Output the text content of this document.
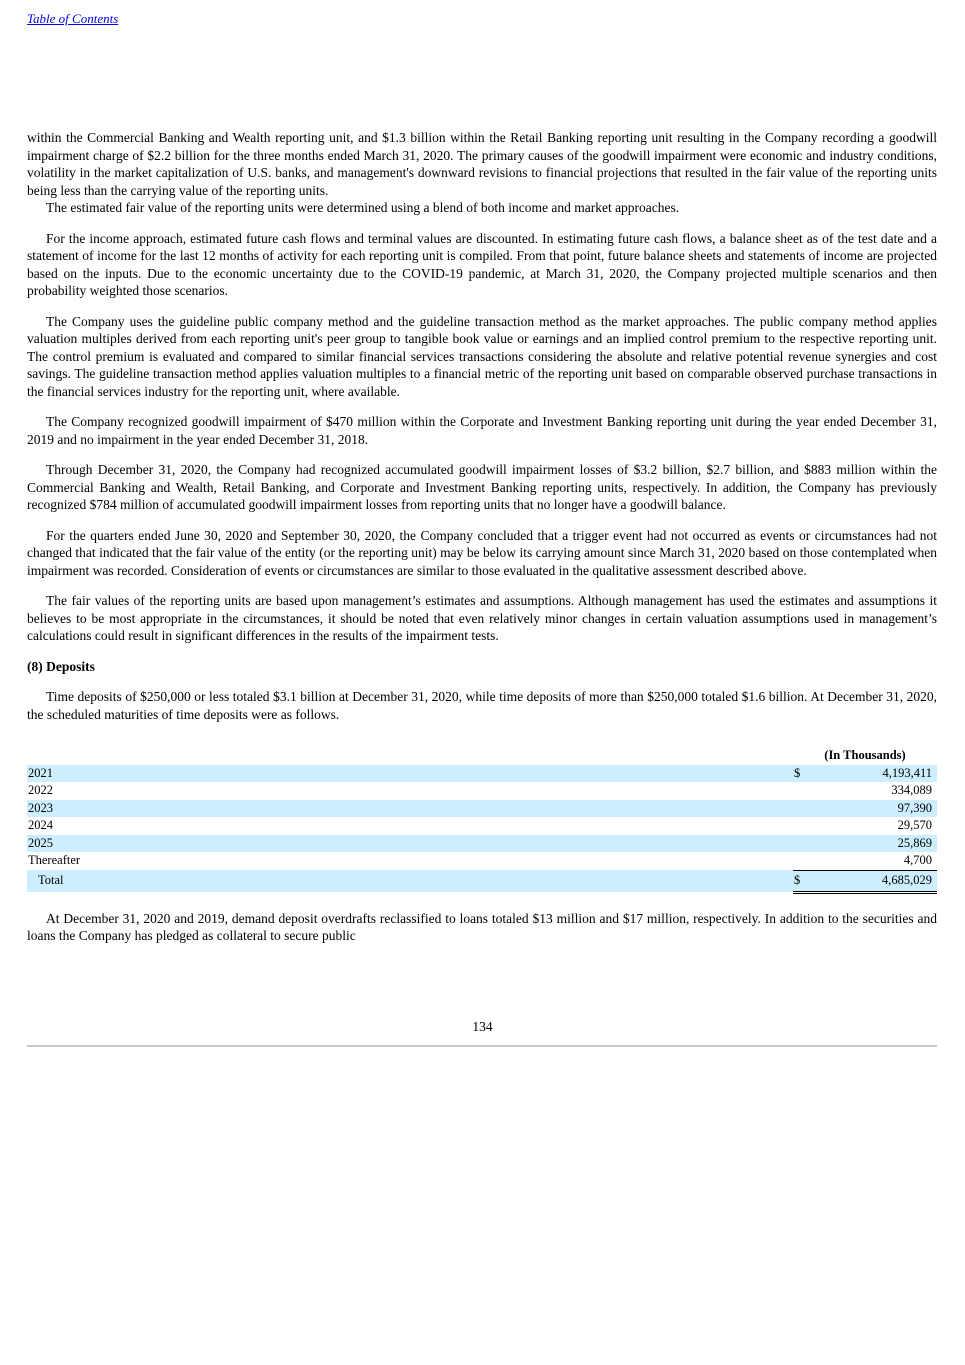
Table of Contents

within the Commercial Banking and Wealth reporting unit, and $1.3 billion within the Retail Banking reporting unit resulting in the Company recording a goodwill impairment charge of $2.2 billion for the three months ended March 31, 2020. The primary causes of the goodwill impairment were economic and industry conditions, volatility in the market capitalization of U.S. banks, and management's downward revisions to financial projections that resulted in the fair value of the reporting units being less than the carrying value of the reporting units.

The estimated fair value of the reporting units were determined using a blend of both income and market approaches.

For the income approach, estimated future cash flows and terminal values are discounted. In estimating future cash flows, a balance sheet as of the test date and a statement of income for the last 12 months of activity for each reporting unit is compiled. From that point, future balance sheets and statements of income are projected based on the inputs. Due to the economic uncertainty due to the COVID-19 pandemic, at March 31, 2020, the Company projected multiple scenarios and then probability weighted those scenarios.

The Company uses the guideline public company method and the guideline transaction method as the market approaches. The public company method applies valuation multiples derived from each reporting unit's peer group to tangible book value or earnings and an implied control premium to the respective reporting unit. The control premium is evaluated and compared to similar financial services transactions considering the absolute and relative potential revenue synergies and cost savings. The guideline transaction method applies valuation multiples to a financial metric of the reporting unit based on comparable observed purchase transactions in the financial services industry for the reporting unit, where available.

The Company recognized goodwill impairment of $470 million within the Corporate and Investment Banking reporting unit during the year ended December 31, 2019 and no impairment in the year ended December 31, 2018.

Through December 31, 2020, the Company had recognized accumulated goodwill impairment losses of $3.2 billion, $2.7 billion, and $883 million within the Commercial Banking and Wealth, Retail Banking, and Corporate and Investment Banking reporting units, respectively. In addition, the Company has previously recognized $784 million of accumulated goodwill impairment losses from reporting units that no longer have a goodwill balance.

For the quarters ended June 30, 2020 and September 30, 2020, the Company concluded that a trigger event had not occurred as events or circumstances had not changed that indicated that the fair value of the entity (or the reporting unit) may be below its carrying amount since March 31, 2020 based on those contemplated when impairment was recorded. Consideration of events or circumstances are similar to those evaluated in the qualitative assessment described above.

The fair values of the reporting units are based upon management’s estimates and assumptions. Although management has used the estimates and assumptions it believes to be most appropriate in the circumstances, it should be noted that even relatively minor changes in certain valuation assumptions used in management’s calculations could result in significant differences in the results of the impairment tests.

(8) Deposits

Time deposits of $250,000 or less totaled $3.1 billion at December 31, 2020, while time deposits of more than $250,000 totaled $1.6 billion. At December 31, 2020, the scheduled maturities of time deposits were as follows.

	(In Thousands)	
2021	$	4,193,411
2022		334,089
2023		97,390
2024		29,570
2025		25,869
Thereafter		4,700
Total	$	4,685,029

At December 31, 2020 and 2019, demand deposit overdrafts reclassified to loans totaled $13 million and $17 million, respectively. In addition to the securities and loans the Company has pledged as collateral to secure public

134
